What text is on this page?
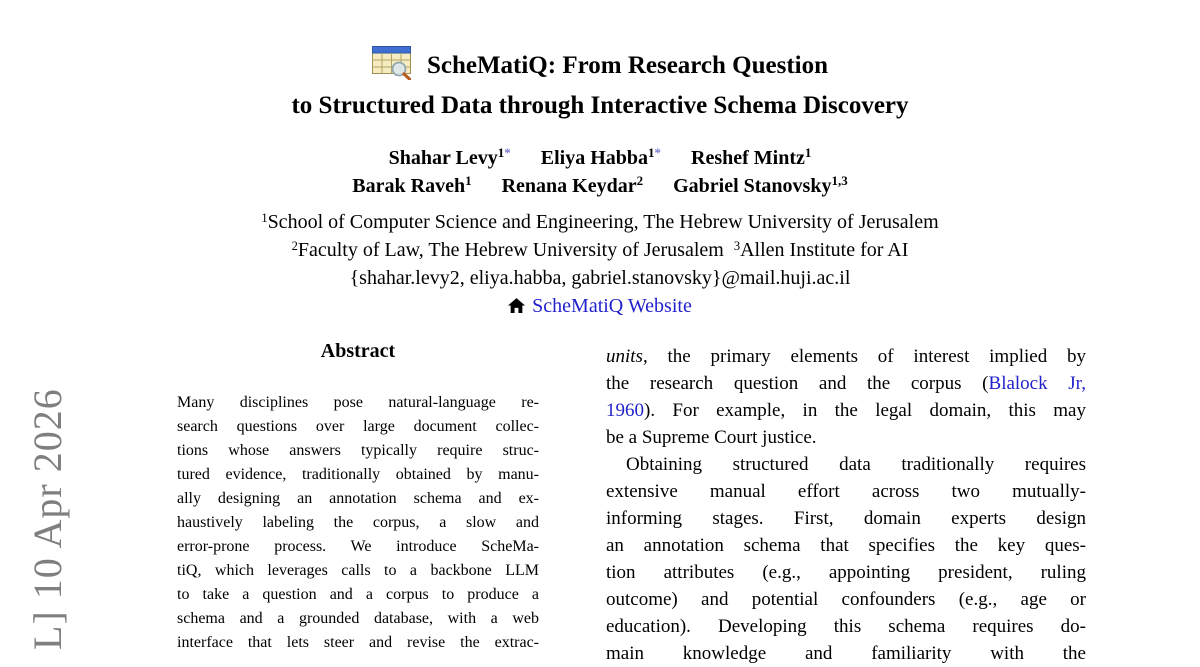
L] 10 Apr 2026
ScheMatiQ: From Research Question
to Structured Data through Interactive Schema Discovery
Shahar Levy$^{1*}$ Eliya Habba$^{1*}$ Reshef Mintz$^1$
Barak Raveh$^1$ Renana Keydar$^2$ Gabriel Stanovsky$^{1,3}$
$^1$School of Computer Science and Engineering, The Hebrew University of Jerusalem
$^2$Faculty of Law, The Hebrew University of Jerusalem $^3$Allen Institute for AI
{shahar.levy2, eliya.habba, gabriel.stanovsky}@mail.huji.ac.il
ScheMatiQ Website
Abstract
Many disciplines pose natural-language re-
search questions over large document collec-
tions whose answers typically require struc-
tured evidence, traditionally obtained by manu-
ally designing an annotation schema and ex-
haustively labeling the corpus, a slow and
error-prone process. We introduce ScheMa-
tiQ, which leverages calls to a backbone LLM
to take a question and a corpus to produce a
schema and a grounded database, with a web
interface that lets steer and revise the extrac-
units, the primary elements of interest implied by
the research question and the corpus (Blalock Jr,
1960). For example, in the legal domain, this may
be a Supreme Court justice.
Obtaining structured data traditionally requires
extensive manual effort across two mutually-
informing stages. First, domain experts design
an annotation schema that specifies the key ques-
tion attributes (e.g., appointing president, ruling
outcome) and potential confounders (e.g., age or
education). Developing this schema requires do-
main knowledge and familiarity with the
